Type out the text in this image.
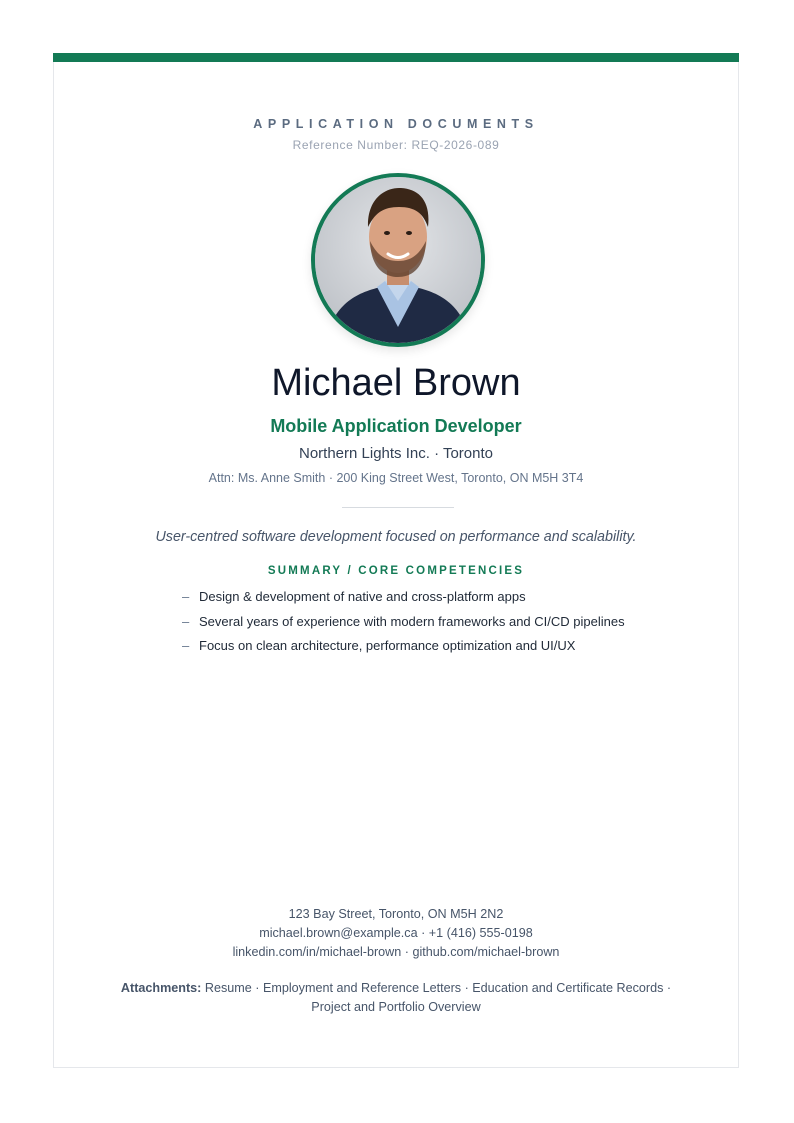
APPLICATION DOCUMENTS
Reference Number: REQ-2026-089
Michael Brown
Mobile Application Developer
Northern Lights Inc. · Toronto
Attn: Ms. Anne Smith · 200 King Street West, Toronto, ON M5H 3T4
User-centred software development focused on performance and scalability.
SUMMARY / CORE COMPETENCIES
– Design & development of native and cross-platform apps
– Several years of experience with modern frameworks and CI/CD pipelines
– Focus on clean architecture, performance optimization and UI/UX
123 Bay Street, Toronto, ON M5H 2N2
michael.brown@example.ca · +1 (416) 555-0198
linkedin.com/in/michael-brown · github.com/michael-brown
Attachments: Resume · Employment and Reference Letters · Education and Certificate Records · Project and Portfolio Overview
